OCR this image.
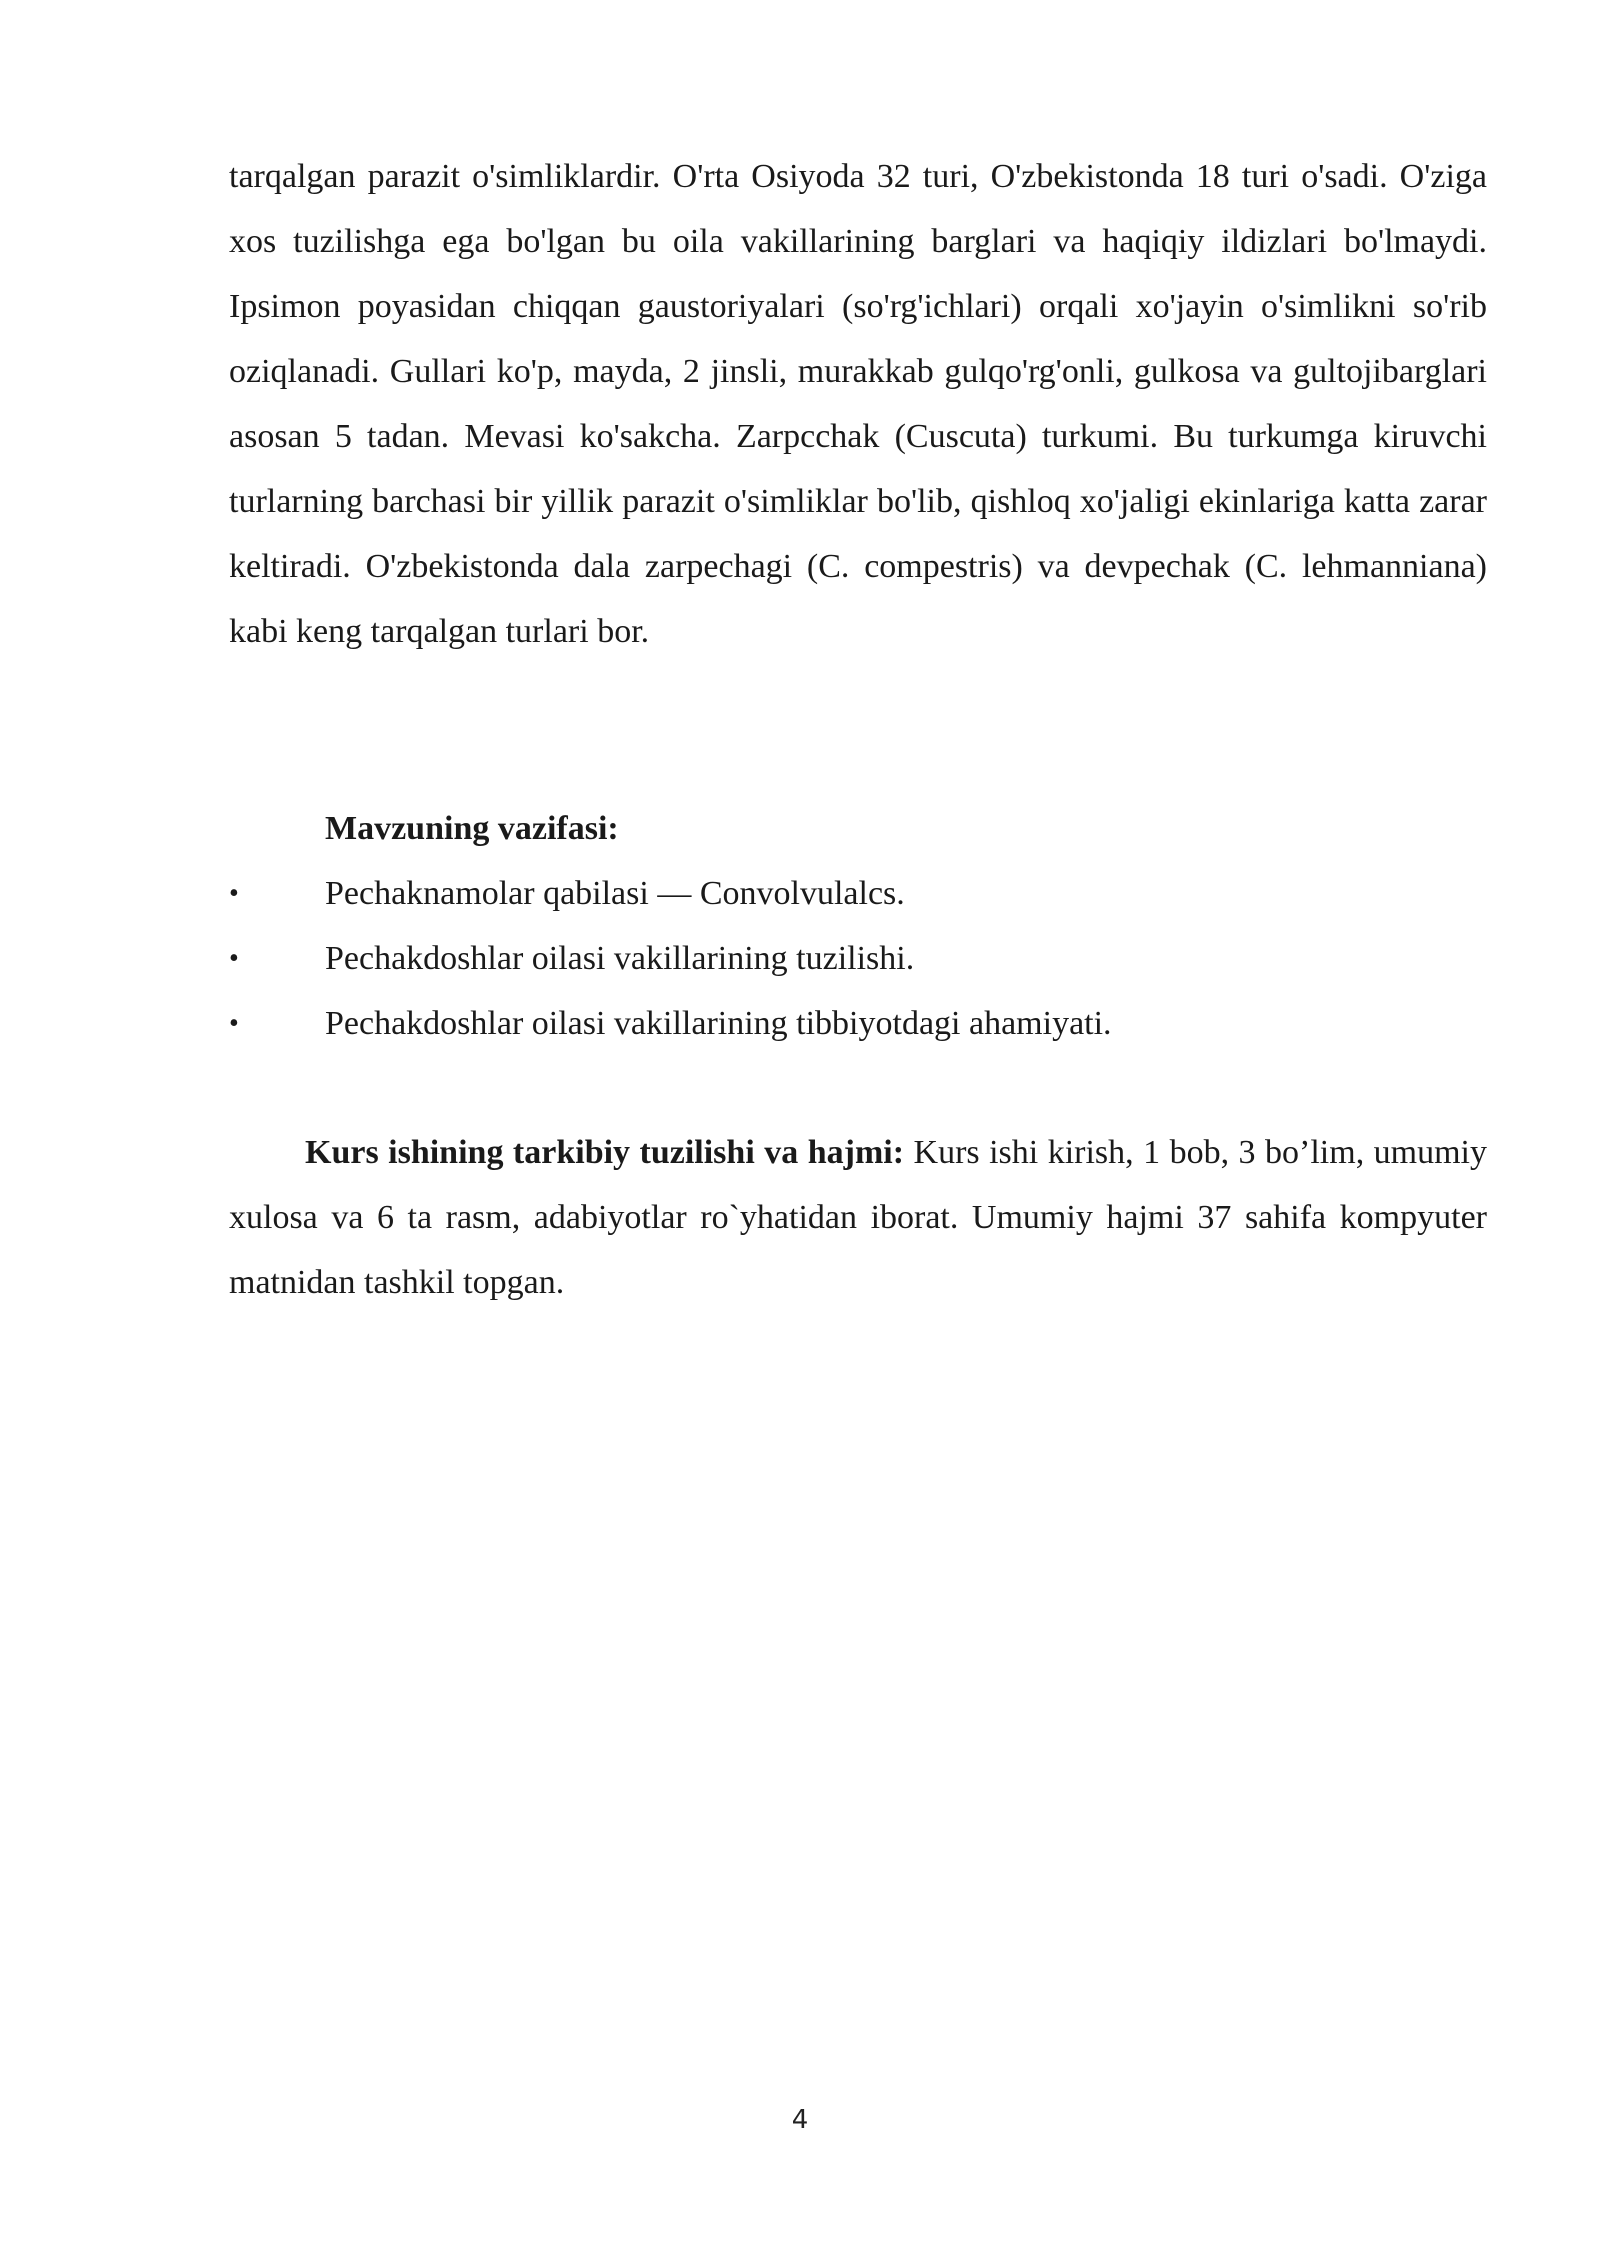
tarqalgan parazit o'simliklardir. O'rta Osiyoda 32 turi, O'zbekistonda 18 turi o'sadi. O'ziga xos tuzilishga ega bo'lgan bu oila vakillarining barglari va haqiqiy ildizlari bo'lmaydi. Ipsimon poyasidan chiqqan gaustoriyalari (so'rg'ichlari) orqali xo'jayin o'simlikni so'rib oziqlanadi. Gullari ko'p, mayda, 2 jinsli, murakkab gulqo'rg'onli, gulkosa va gultojibarglari asosan 5 tadan. Mevasi ko'sakcha. Zarpcchak (Cuscuta) turkumi. Bu turkumga kiruvchi turlarning barchasi bir yillik parazit o'simliklar bo'lib, qishloq xo'jaligi ekinlariga katta zarar keltiradi. O'zbekistonda dala zarpechagi (C. compestris) va devpechak (C. lehmanniana) kabi keng tarqalgan turlari bor.

Mavzuning vazifasi:

•	Pechaknamolar qabilasi — Convolvulalcs.
•	Pechakdoshlar oilasi vakillarining tuzilishi.
•	Pechakdoshlar oilasi vakillarining tibbiyotdagi ahamiyati.

Kurs ishining tarkibiy tuzilishi va hajmi: Kurs ishi kirish, 1 bob, 3 bo’lim, umumiy xulosa va 6 ta rasm, adabiyotlar ro`yhatidan iborat. Umumiy hajmi 37 sahifa kompyuter matnidan tashkil topgan.

4
